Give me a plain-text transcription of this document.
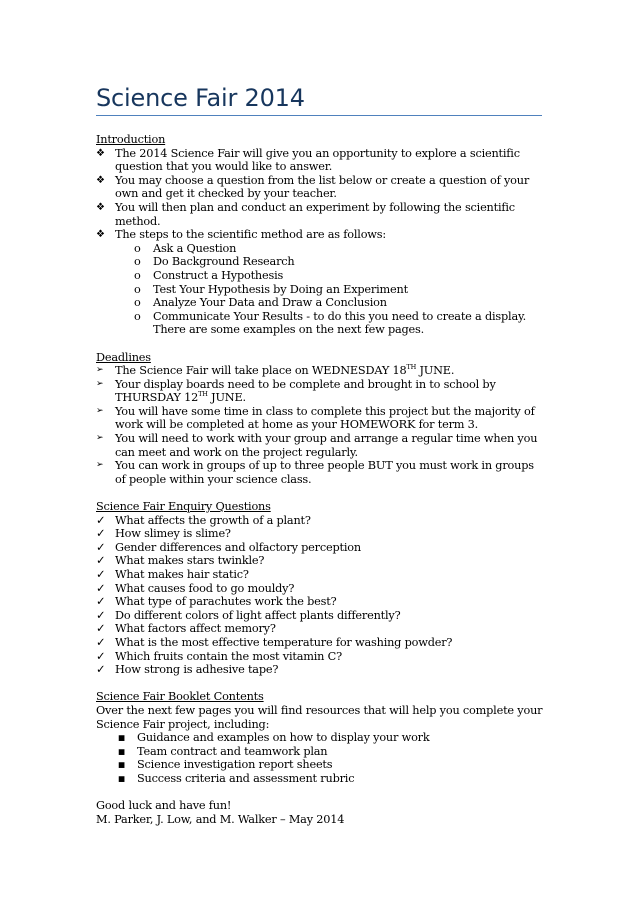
Science Fair 2014
Introduction
❖ The 2014 Science Fair will give you an opportunity to explore a scientific question that you would like to answer.
❖ You may choose a question from the list below or create a question of your own and get it checked by your teacher.
❖ You will then plan and conduct an experiment by following the scientific method.
❖ The steps to the scientific method are as follows:
o	Ask a Question
o	Do Background Research
o	Construct a Hypothesis
o	Test Your Hypothesis by Doing an Experiment
o	Analyze Your Data and Draw a Conclusion
o	Communicate Your Results - to do this you need to create a display. There are some examples on the next few pages.
Deadlines
➢	The Science Fair will take place on WEDNESDAY 18TH JUNE.
➢	Your display boards need to be complete and brought in to school by THURSDAY 12TH JUNE.
➢	You will have some time in class to complete this project but the majority of work will be completed at home as your HOMEWORK for term 3.
➢	You will need to work with your group and arrange a regular time when you can meet and work on the project regularly.
➢	You can work in groups of up to three people BUT you must work in groups of people within your science class.
Science Fair Enquiry Questions
✓ What affects the growth of a plant?
✓ How slimey is slime?
✓ Gender differences and olfactory perception
✓ What makes stars twinkle?
✓ What makes hair static?
✓ What causes food to go mouldy?
✓ What type of parachutes work the best?
✓ Do different colors of light affect plants differently?
✓ What factors affect memory?
✓ What is the most effective temperature for washing powder?
✓ Which fruits contain the most vitamin C?
✓ How strong is adhesive tape?
Science Fair Booklet Contents
Over the next few pages you will find resources that will help you complete your Science Fair project, including:
■	Guidance and examples on how to display your work
■	Team contract and teamwork plan
■	Science investigation report sheets
■	Success criteria and assessment rubric
Good luck and have fun!
M. Parker, J. Low, and M. Walker – May 2014
